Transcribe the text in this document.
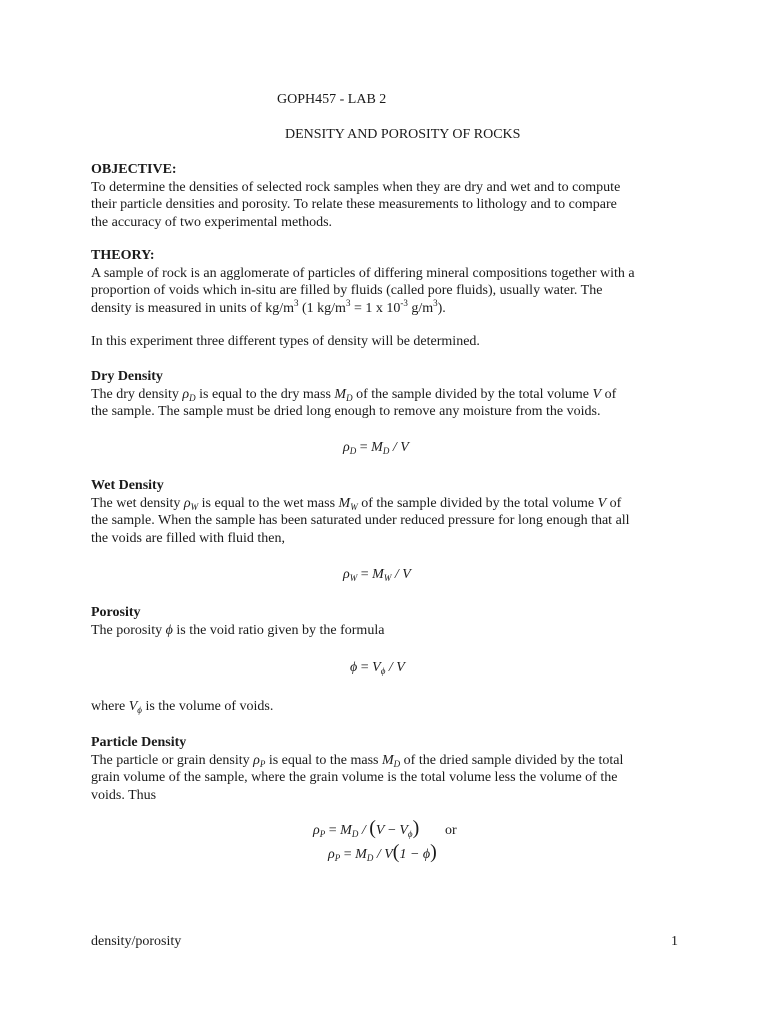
GOPH457 - LAB 2
DENSITY AND POROSITY OF ROCKS
OBJECTIVE:
To determine the densities of selected rock samples when they are dry and wet and to compute
their particle densities and porosity. To relate these measurements to lithology and to compare
the accuracy of two experimental methods.
THEORY:
A sample of rock is an agglomerate of particles of differing mineral compositions together with a
proportion of voids which in-situ are filled by fluids (called pore fluids), usually water. The
density is measured in units of $kg/m^3$ (1 $kg/m^3 = 1$ x $10^{-3}$ $g/m^3$).
In this experiment three different types of density will be determined.
Dry Density
The dry density $\rho_D$ is equal to the dry mass $M_D$ of the sample divided by the total volume V of
the sample. The sample must be dried long enough to remove any moisture from the voids.
$\rho_D = M_D / V$
Wet Density
The wet density $\rho_W$ is equal to the wet mass $M_W$ of the sample divided by the total volume V of
the sample. When the sample has been saturated under reduced pressure for long enough that all
the voids are filled with fluid then,
$\rho_W = M_W / V$
Porosity
The porosity ϕ is the void ratio given by the formula
$\phi = V_\phi / V$
where $V_\phi$ is the volume of voids.
Particle Density
The particle or grain density $\rho_P$ is equal to the mass $M_D$ of the dried sample divided by the total
grain volume of the sample, where the grain volume is the total volume less the volume of the
voids. Thus
$\rho_P = M_D / (V - V_\phi)$ or
$\rho_P = M_D / V(1 - \phi)$
density/porosity	1
